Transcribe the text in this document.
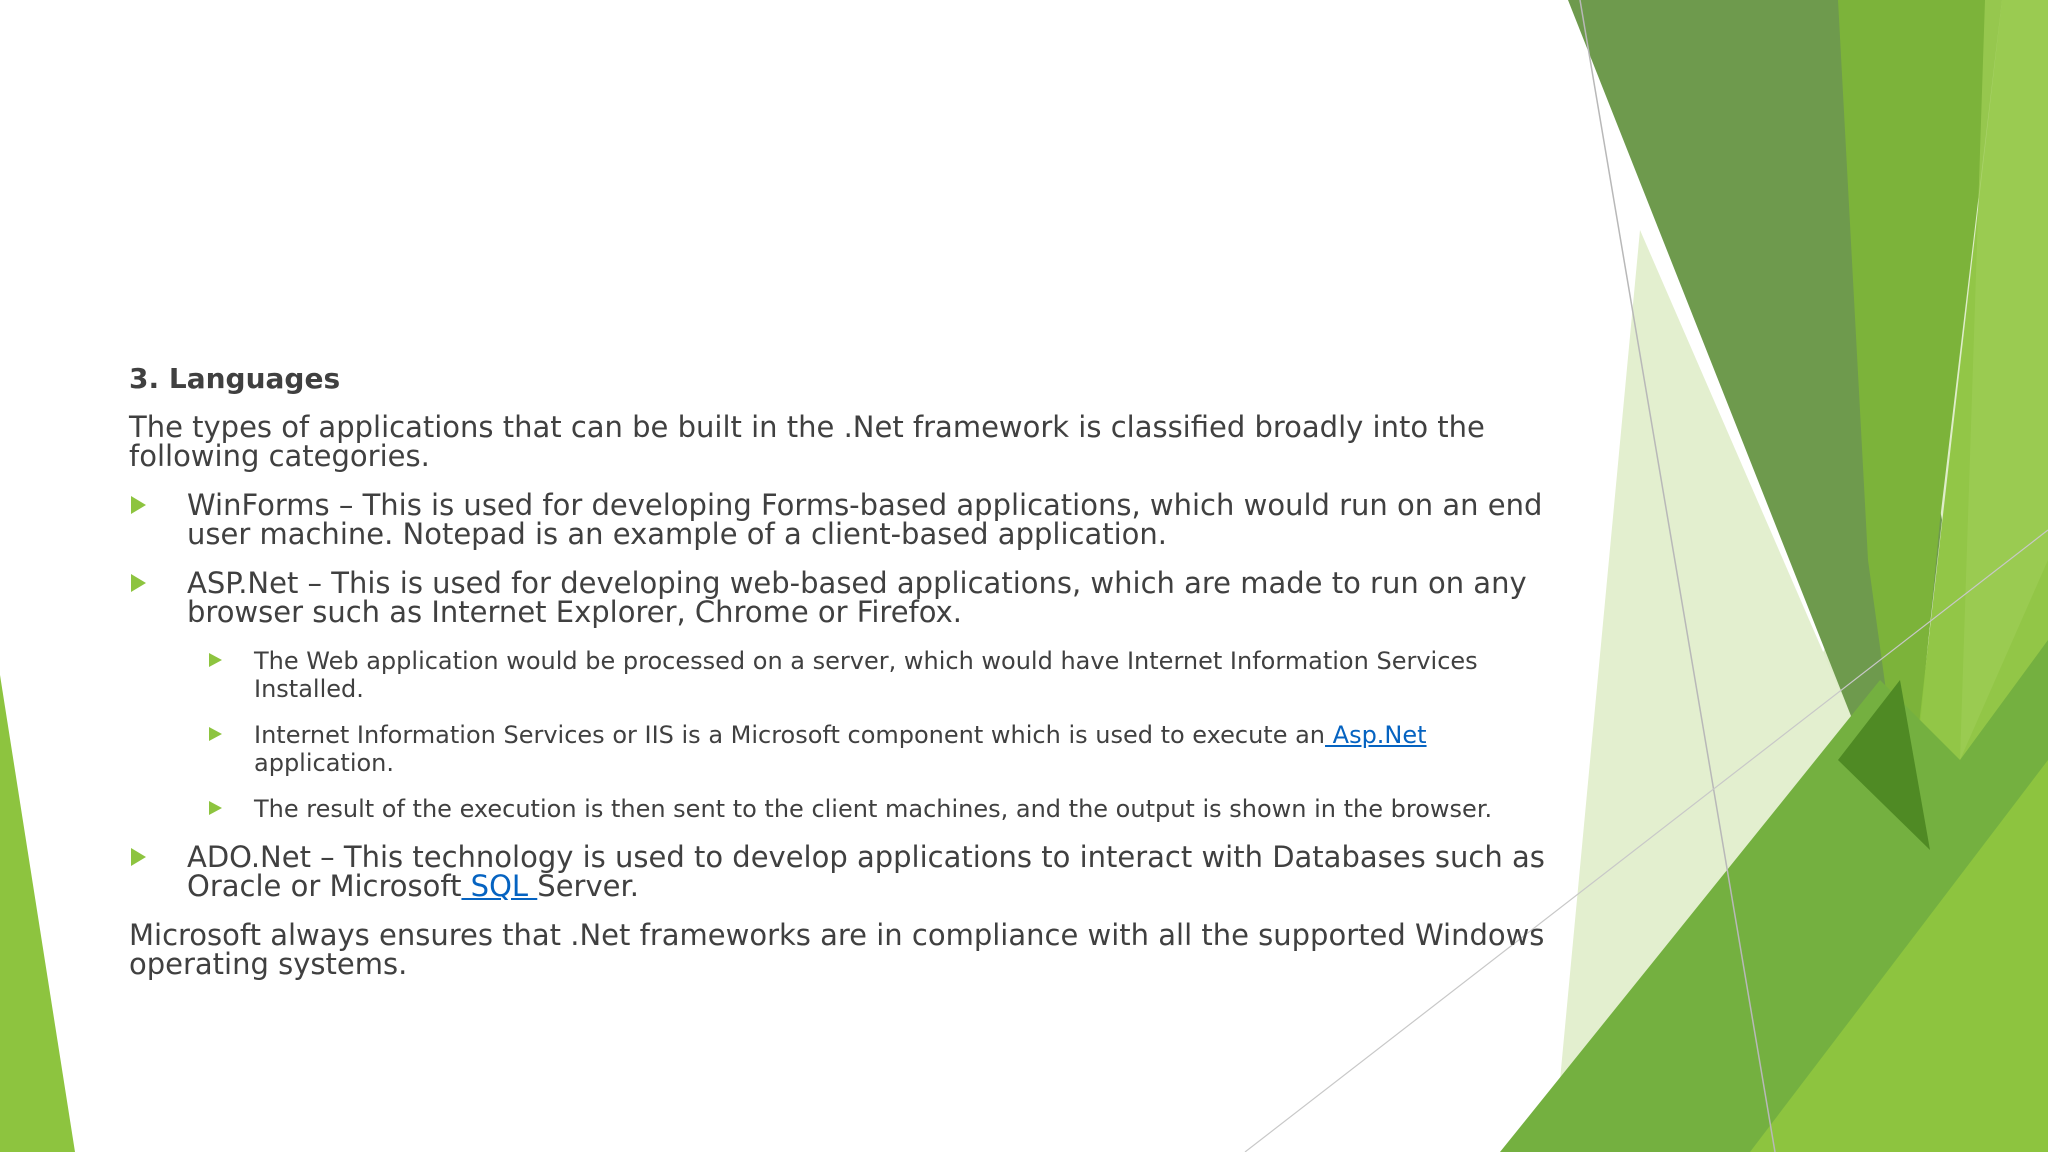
3. Languages
The types of applications that can be built in the .Net framework is classified broadly into the following categories.
WinForms – This is used for developing Forms-based applications, which would run on an end user machine. Notepad is an example of a client-based application.
ASP.Net – This is used for developing web-based applications, which are made to run on any browser such as Internet Explorer, Chrome or Firefox.
The Web application would be processed on a server, which would have Internet Information Services Installed.
Internet Information Services or IIS is a Microsoft component which is used to execute an Asp.Net application.
The result of the execution is then sent to the client machines, and the output is shown in the browser.
ADO.Net – This technology is used to develop applications to interact with Databases such as Oracle or Microsoft SQL Server.
Microsoft always ensures that .Net frameworks are in compliance with all the supported Windows operating systems.
